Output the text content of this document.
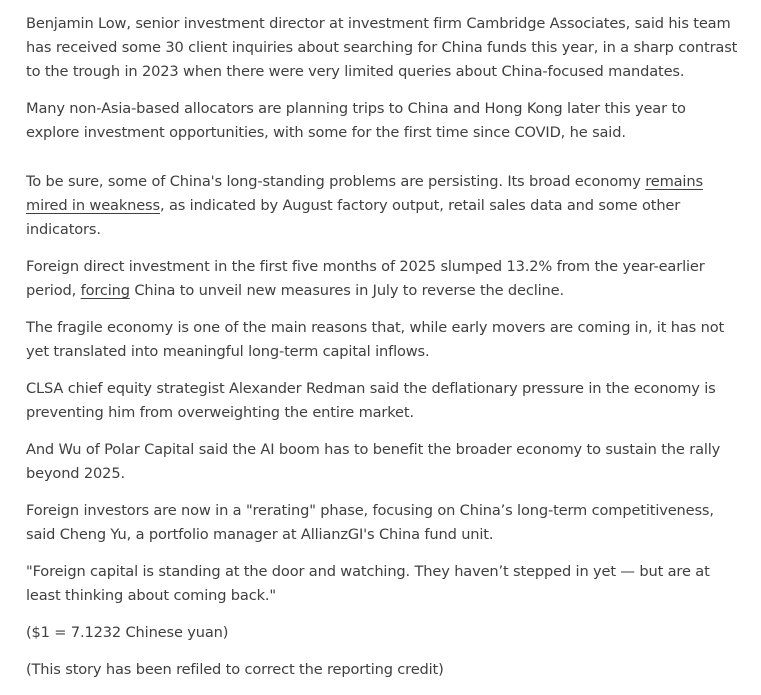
Benjamin Low, senior investment director at investment firm Cambridge Associates, said his team has received some 30 client inquiries about searching for China funds this year, in a sharp contrast to the trough in 2023 when there were very limited queries about China-focused mandates.

Many non-Asia-based allocators are planning trips to China and Hong Kong later this year to explore investment opportunities, with some for the first time since COVID, he said.

To be sure, some of China's long-standing problems are persisting. Its broad economy remains mired in weakness, as indicated by August factory output, retail sales data and some other indicators.

Foreign direct investment in the first five months of 2025 slumped 13.2% from the year-earlier period, forcing China to unveil new measures in July to reverse the decline.

The fragile economy is one of the main reasons that, while early movers are coming in, it has not yet translated into meaningful long-term capital inflows.

CLSA chief equity strategist Alexander Redman said the deflationary pressure in the economy is preventing him from overweighting the entire market.

And Wu of Polar Capital said the AI boom has to benefit the broader economy to sustain the rally beyond 2025.

Foreign investors are now in a "rerating" phase, focusing on China’s long-term competitiveness, said Cheng Yu, a portfolio manager at AllianzGI's China fund unit.

"Foreign capital is standing at the door and watching. They haven’t stepped in yet — but are at least thinking about coming back."

($1 = 7.1232 Chinese yuan)

(This story has been refiled to correct the reporting credit)
